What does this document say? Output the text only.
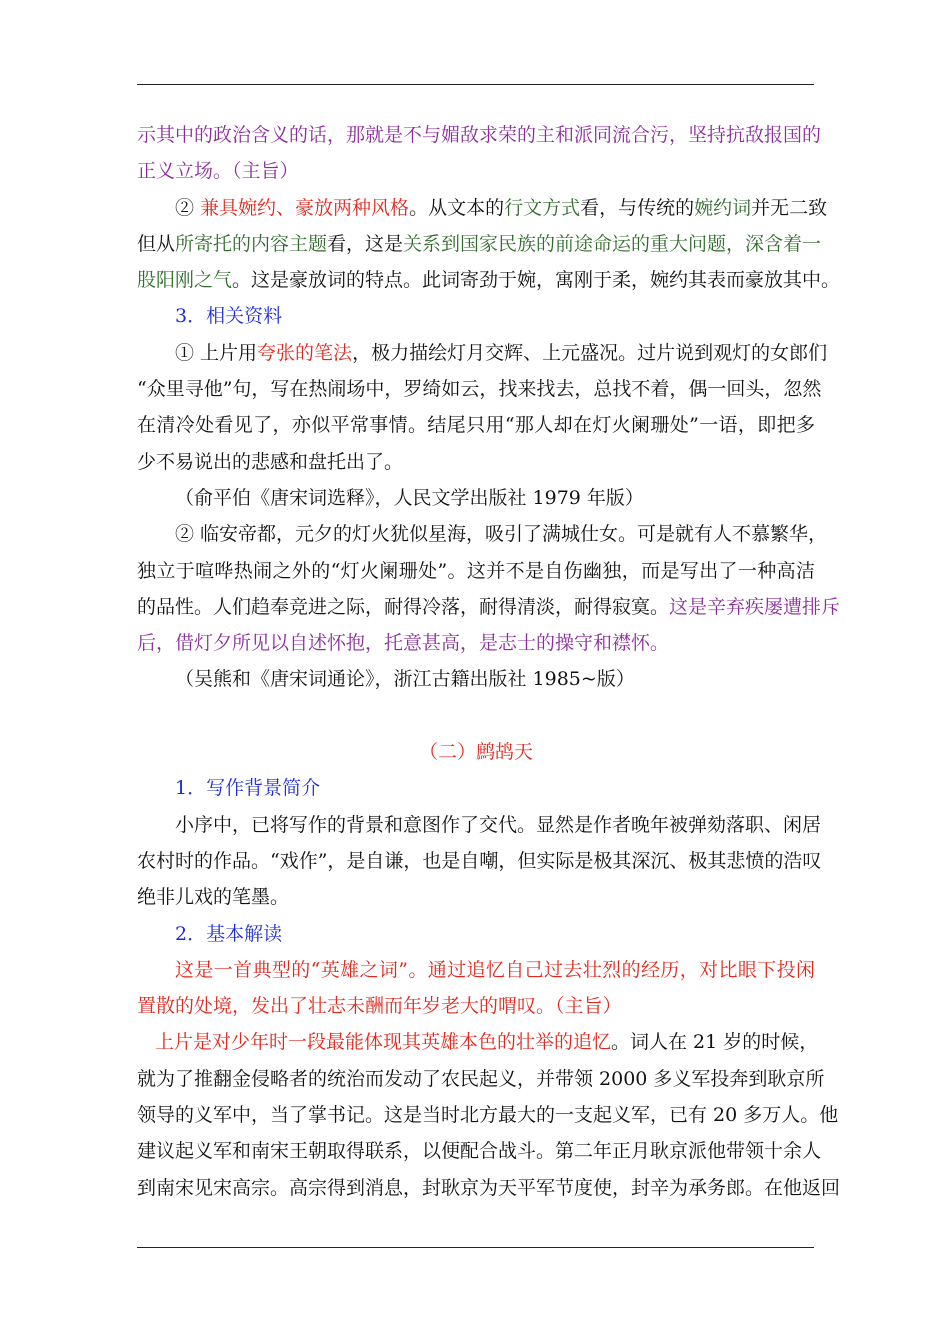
示其中的政治含义的话，那就是不与媚敌求荣的主和派同流合污，坚持抗敌报国的
正义立场。（主旨）
② 兼具婉约、豪放两种风格。从文本的行文方式看，与传统的婉约词并无二致
但从所寄托的内容主题看，这是关系到国家民族的前途命运的重大问题，深含着一
股阳刚之气。这是豪放词的特点。此词寄劲于婉，寓刚于柔，婉约其表而豪放其中。
3．相关资料
① 上片用夸张的笔法，极力描绘灯月交辉、上元盛况。过片说到观灯的女郎们
“众里寻他”句，写在热闹场中，罗绮如云，找来找去，总找不着，偶一回头，忽然
在清冷处看见了，亦似平常事情。结尾只用“那人却在灯火阑珊处”一语，即把多
少不易说出的悲感和盘托出了。
（俞平伯《唐宋词选释》，人民文学出版社 1979 年版）
② 临安帝都，元夕的灯火犹似星海，吸引了满城仕女。可是就有人不慕繁华，
独立于喧哗热闹之外的“灯火阑珊处”。这并不是自伤幽独，而是写出了一种高洁
的品性。人们趋奉竞进之际，耐得冷落，耐得清淡，耐得寂寞。这是辛弃疾屡遭排斥
后，借灯夕所见以自述怀抱，托意甚高，是志士的操守和襟怀。
（吴熊和《唐宋词通论》，浙江古籍出版社 1985~版）
（二）鹧鸪天
1．写作背景简介
小序中，已将写作的背景和意图作了交代。显然是作者晚年被弹劾落职、闲居
农村时的作品。“戏作”，是自谦，也是自嘲，但实际是极其深沉、极其悲愤的浩叹
绝非儿戏的笔墨。
2．基本解读
这是一首典型的“英雄之词”。通过追忆自己过去壮烈的经历，对比眼下投闲
置散的处境，发出了壮志未酬而年岁老大的喟叹。（主旨）
上片是对少年时一段最能体现其英雄本色的壮举的追忆。词人在 21 岁的时候，
就为了推翻金侵略者的统治而发动了农民起义，并带领 2000 多义军投奔到耿京所
领导的义军中，当了掌书记。这是当时北方最大的一支起义军，已有 20 多万人。他
建议起义军和南宋王朝取得联系，以便配合战斗。第二年正月耿京派他带领十余人
到南宋见宋高宗。高宗得到消息，封耿京为天平军节度使，封辛为承务郎。在他返回
